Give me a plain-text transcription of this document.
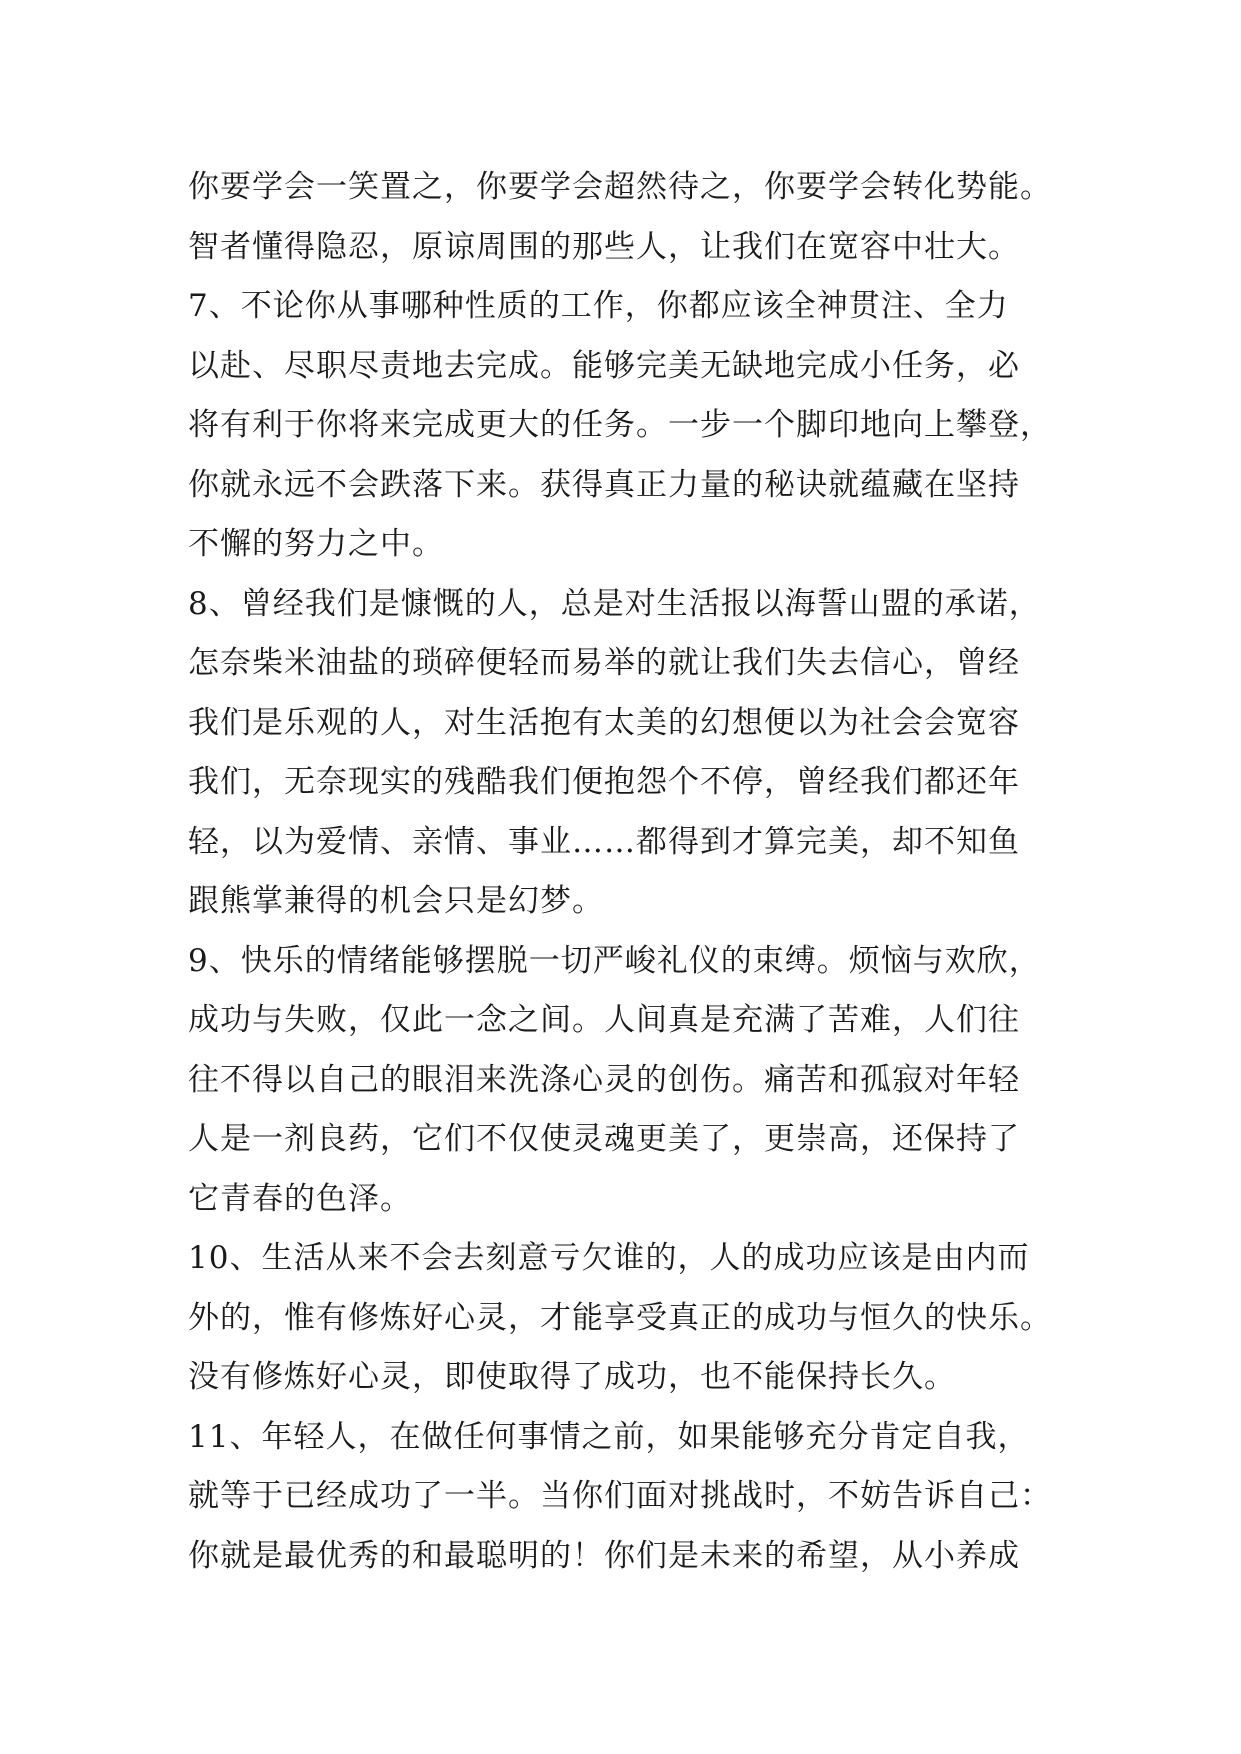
你要学会一笑置之，你要学会超然待之，你要学会转化势能。
智者懂得隐忍，原谅周围的那些人，让我们在宽容中壮大。
7、不论你从事哪种性质的工作，你都应该全神贯注、全力
以赴、尽职尽责地去完成。能够完美无缺地完成小任务，必
将有利于你将来完成更大的任务。一步一个脚印地向上攀登，
你就永远不会跌落下来。获得真正力量的秘诀就蕴藏在坚持
不懈的努力之中。
8、曾经我们是慷慨的人，总是对生活报以海誓山盟的承诺，
怎奈柴米油盐的琐碎便轻而易举的就让我们失去信心，曾经
我们是乐观的人，对生活抱有太美的幻想便以为社会会宽容
我们，无奈现实的残酷我们便抱怨个不停，曾经我们都还年
轻，以为爱情、亲情、事业……都得到才算完美，却不知鱼
跟熊掌兼得的机会只是幻梦。
9、快乐的情绪能够摆脱一切严峻礼仪的束缚。烦恼与欢欣，
成功与失败，仅此一念之间。人间真是充满了苦难，人们往
往不得以自己的眼泪来洗涤心灵的创伤。痛苦和孤寂对年轻
人是一剂良药，它们不仅使灵魂更美了，更崇高，还保持了
它青春的色泽。
10、生活从来不会去刻意亏欠谁的，人的成功应该是由内而
外的，惟有修炼好心灵，才能享受真正的成功与恒久的快乐。
没有修炼好心灵，即使取得了成功，也不能保持长久。
11、年轻人，在做任何事情之前，如果能够充分肯定自我，
就等于已经成功了一半。当你们面对挑战时，不妨告诉自己：
你就是最优秀的和最聪明的！你们是未来的希望，从小养成
